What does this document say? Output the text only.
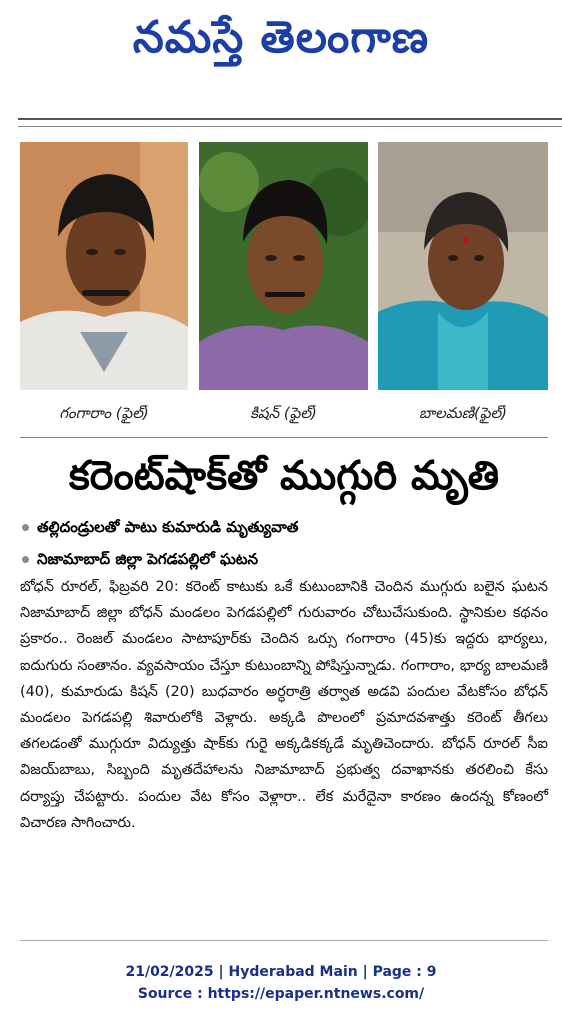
నమస్తే తెలంగాణ
గంగారాం (ఫైల్)	కిషన్ (ఫైల్)	బాలమణి(ఫైల్)
కరెంట్‌షాక్‌తో ముగ్గురి మృతి
తల్లిదండ్రులతో పాటు కుమారుడి మృత్యువాత
నిజామాబాద్ జిల్లా పెగడపల్లిలో ఘటన

బోధన్ రూరల్, ఫిబ్రవరి 20: కరెంట్ కాటుకు ఒకే కుటుంబానికి చెందిన ముగ్గురు బలైన ఘటన నిజామాబాద్ జిల్లా బోధన్ మండలం పెగడపల్లిలో గురువారం చోటుచేసుకుంది. స్థానికుల కథనం ప్రకారం.. రెంజల్ మండలం సాటాపూర్‌కు చెందిన ఒర్సు గంగారాం (45)కు ఇద్దరు భార్యలు, ఐదుగురు సంతానం. వ్యవసాయం చేస్తూ కుటుంబాన్ని పోషిస్తున్నాడు. గంగారాం, భార్య బాలమణి (40), కుమారుడు కిషన్ (20) బుధవారం అర్ధరాత్రి తర్వాత అడవి పందుల వేటకోసం బోధన్ మండలం పెగడపల్లి శివారులోకి వెళ్లారు. అక్కడి పొలంలో ప్రమాదవశాత్తు కరెంట్ తీగలు తగలడంతో ముగ్గురూ విద్యుత్తు షాక్‌కు గురై అక్కడికక్కడే మృతిచెందారు. బోధన్ రూరల్ సీఐ విజయ్‌బాబు, సిబ్బంది మృతదేహాలను నిజామాబాద్ ప్రభుత్వ దవాఖానకు తరలించి కేసు దర్యాప్తు చేపట్టారు. పందుల వేట కోసం వెళ్లారా.. లేక మరేదైనా కారణం ఉందన్న కోణంలో విచారణ సాగించారు.

21/02/2025 | Hyderabad Main | Page : 9
Source : https://epaper.ntnews.com/
